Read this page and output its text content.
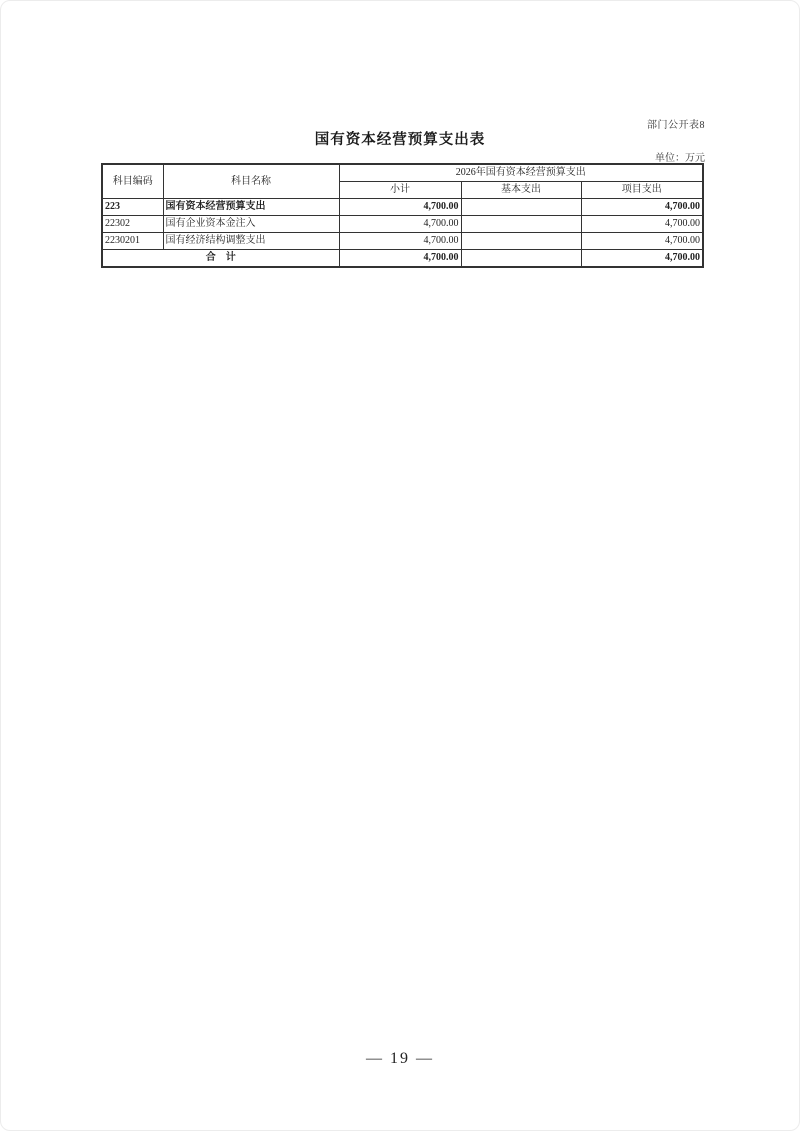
部门公开表8
国有资本经营预算支出表
单位：万元
科目编码	科目名称	2026年国有资本经营预算支出		
		小计	基本支出	项目支出
223	国有资本经营预算支出	4,700.00		4,700.00
22302	国有企业资本金注入	4,700.00		4,700.00
2230201	国有经济结构调整支出	4,700.00		4,700.00
合　计		4,700.00		4,700.00
— 19 —
